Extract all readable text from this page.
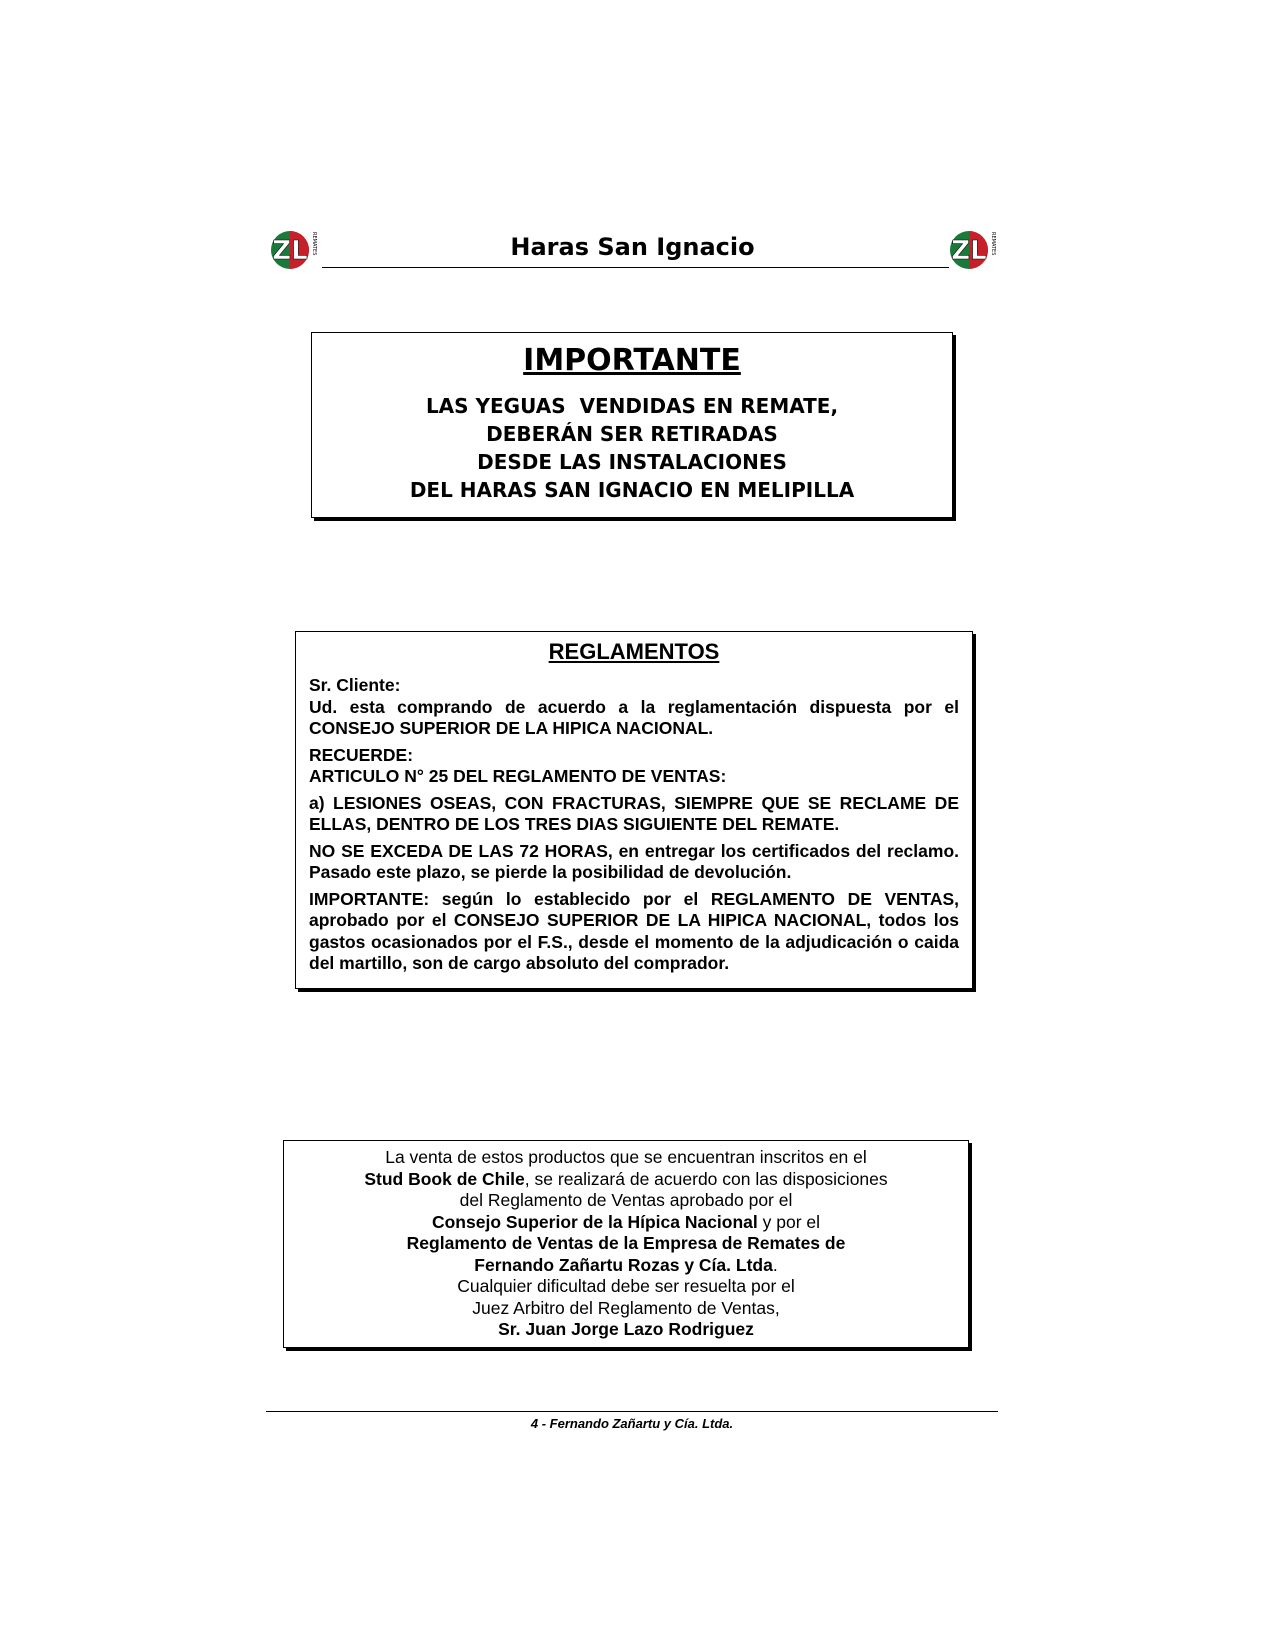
ZL REMATES	ZL REMATES
Haras San Ignacio
IMPORTANTE
LAS YEGUAS  VENDIDAS EN REMATE,
DEBERÁN SER RETIRADAS
DESDE LAS INSTALACIONES
DEL HARAS SAN IGNACIO EN MELIPILLA
REGLAMENTOS

Sr. Cliente:
Ud. esta comprando de acuerdo a la reglamentación dispuesta por el CONSEJO SUPERIOR DE LA HIPICA NACIONAL.

RECUERDE:
ARTICULO N° 25 DEL REGLAMENTO DE VENTAS:

a) LESIONES OSEAS, CON FRACTURAS, SIEMPRE QUE SE RECLAME DE ELLAS, DENTRO DE LOS TRES DIAS SIGUIENTE DEL REMATE.

NO SE EXCEDA DE LAS 72 HORAS, en entregar los certificados del reclamo. Pasado este plazo, se pierde la posibilidad de devolución.

IMPORTANTE: según lo establecido por el REGLAMENTO DE VENTAS, aprobado por el CONSEJO SUPERIOR DE LA HIPICA NACIONAL, todos los gastos ocasionados por el F.S., desde el momento de la adjudicación o caida del martillo, son de cargo absoluto del comprador.

La venta de estos productos que se encuentran inscritos en el
Stud Book de Chile, se realizará de acuerdo con las disposiciones
del Reglamento de Ventas aprobado por el
Consejo Superior de la Hípica Nacional y por el
Reglamento de Ventas de la Empresa de Remates de
Fernando Zañartu Rozas y Cía. Ltda.
Cualquier dificultad debe ser resuelta por el
Juez Arbitro del Reglamento de Ventas,
Sr. Juan Jorge Lazo Rodriguez
4 - Fernando Zañartu y Cía. Ltda.
